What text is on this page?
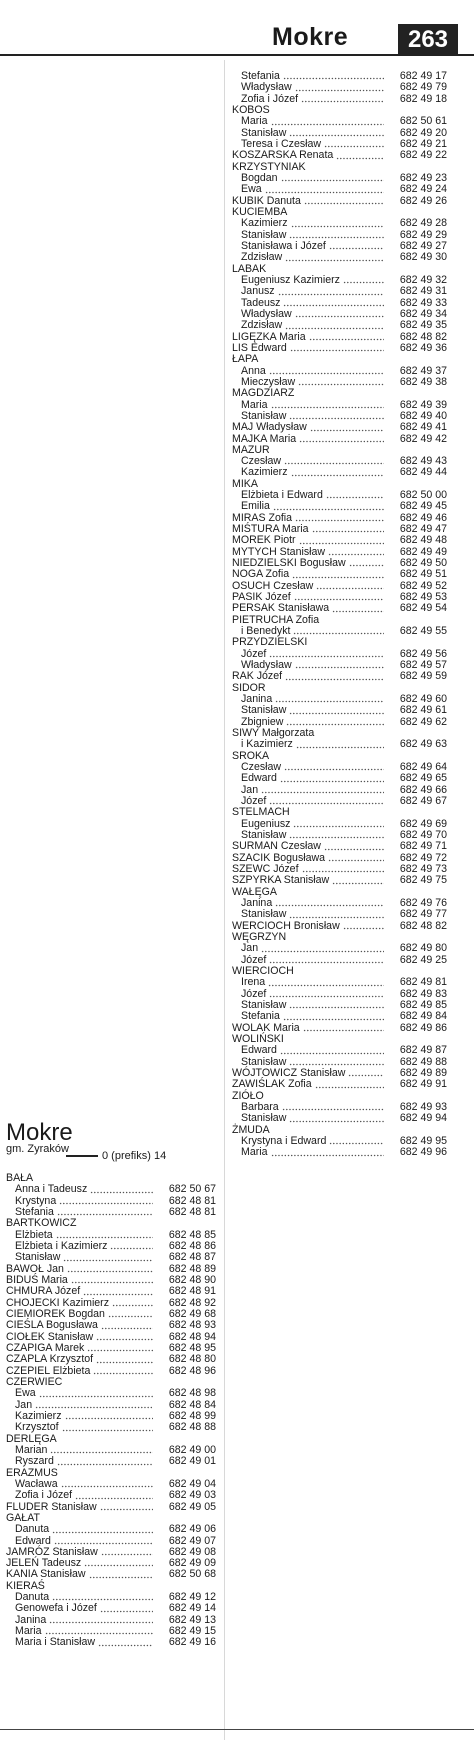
Mokre	263
Stefania	682 49 17
Władysław	682 49 79
Zofia i Józef	682 49 18
KOBOS
Maria	682 50 61
Stanisław	682 49 20
Teresa i Czesław	682 49 21
KOSZARSKA Renata	682 49 22
KRZYSTYNIAK
Bogdan	682 49 23
Ewa	682 49 24
KUBIK Danuta	682 49 26
KUCIEMBA
Kazimierz	682 49 28
Stanisław	682 49 29
Stanisława i Józef	682 49 27
Zdzisław	682 49 30
LABAK
Eugeniusz Kazimierz	682 49 32
Janusz	682 49 31
Tadeusz	682 49 33
Władysław	682 49 34
Zdzisław	682 49 35
LIGĘZKA Maria	682 48 82
LIS Edward	682 49 36
ŁAPA
Anna	682 49 37
Mieczysław	682 49 38
MAGDZIARZ
Maria	682 49 39
Stanisław	682 49 40
MAJ Władysław	682 49 41
MAJKA Maria	682 49 42
MAZUR
Czesław	682 49 43
Kazimierz	682 49 44
MIKA
Elżbieta i Edward	682 50 00
Emilia	682 49 45
MIRAS Zofia	682 49 46
MIŚTURA Maria	682 49 47
MOREK Piotr	682 49 48
MYTYCH Stanisław	682 49 49
NIEDZIELSKI Bogusław	682 49 50
NOGA Zofia	682 49 51
OSUCH Czesław	682 49 52
PASIK Józef	682 49 53
PERSAK Stanisława	682 49 54
PIETRUCHA Zofia
i Benedykt	682 49 55
PRZYDZIELSKI
Józef	682 49 56
Władysław	682 49 57
RAK Józef	682 49 59
SIDOR
Janina	682 49 60
Stanisław	682 49 61
Zbigniew	682 49 62
SIWY Małgorzata
i Kazimierz	682 49 63
SROKA
Czesław	682 49 64
Edward	682 49 65
Jan	682 49 66
Józef	682 49 67
STELMACH
Eugeniusz	682 49 69
Stanisław	682 49 70
SURMAN Czesław	682 49 71
SZACIK Bogusława	682 49 72
SZEWC Józef	682 49 73
SZPYRKA Stanisław	682 49 75
WAŁĘGA
Janina	682 49 76
Stanisław	682 49 77
WERCIOCH Bronisław	682 48 82
WĘGRZYN
Jan	682 49 80
Józef	682 49 25
WIERCIOCH
Irena	682 49 81
Józef	682 49 83
Stanisław	682 49 85
Stefania	682 49 84
WOLAK Maria	682 49 86
WOLIŃSKI
Edward	682 49 87
Stanisław	682 49 88
WÓJTOWICZ Stanisław	682 49 89
ZAWIŚLAK Zofia	682 49 91
ZIÓŁO
Barbara	682 49 93
Stanisław	682 49 94
ŻMUDA
Krystyna i Edward	682 49 95
Maria	682 49 96
Mokre
gm. Zyraków
0 (prefiks) 14
BAŁA
Anna i Tadeusz	682 50 67
Krystyna	682 48 81
Stefania	682 48 81
BARTKOWICZ
Elżbieta	682 48 85
Elżbieta i Kazimierz	682 48 86
Stanisław	682 48 87
BAWOŁ Jan	682 48 89
BIDUŚ Maria	682 48 90
CHMURA Józef	682 48 91
CHOJECKI Kazimierz	682 48 92
CIEMIOREK Bogdan	682 49 68
CIEŚLA Bogusława	682 48 93
CIOŁEK Stanisław	682 48 94
CZAPIGA Marek	682 48 95
CZAPLA Krzysztof	682 48 80
CZEPIEL Elżbieta	682 48 96
CZERWIEC
Ewa	682 48 98
Jan	682 48 84
Kazimierz	682 48 99
Krzysztof	682 48 88
DERLĘGA
Marian	682 49 00
Ryszard	682 49 01
ERAZMUS
Wacława	682 49 04
Zofia i Józef	682 49 03
FLUDER Stanisław	682 49 05
GAŁAT
Danuta	682 49 06
Edward	682 49 07
JAMRÓZ Stanisław	682 49 08
JELEŃ Tadeusz	682 49 09
KANIA Stanisław	682 50 68
KIERAŚ
Danuta	682 49 12
Genowefa i Józef	682 49 14
Janina	682 49 13
Maria	682 49 15
Maria i Stanisław	682 49 16
